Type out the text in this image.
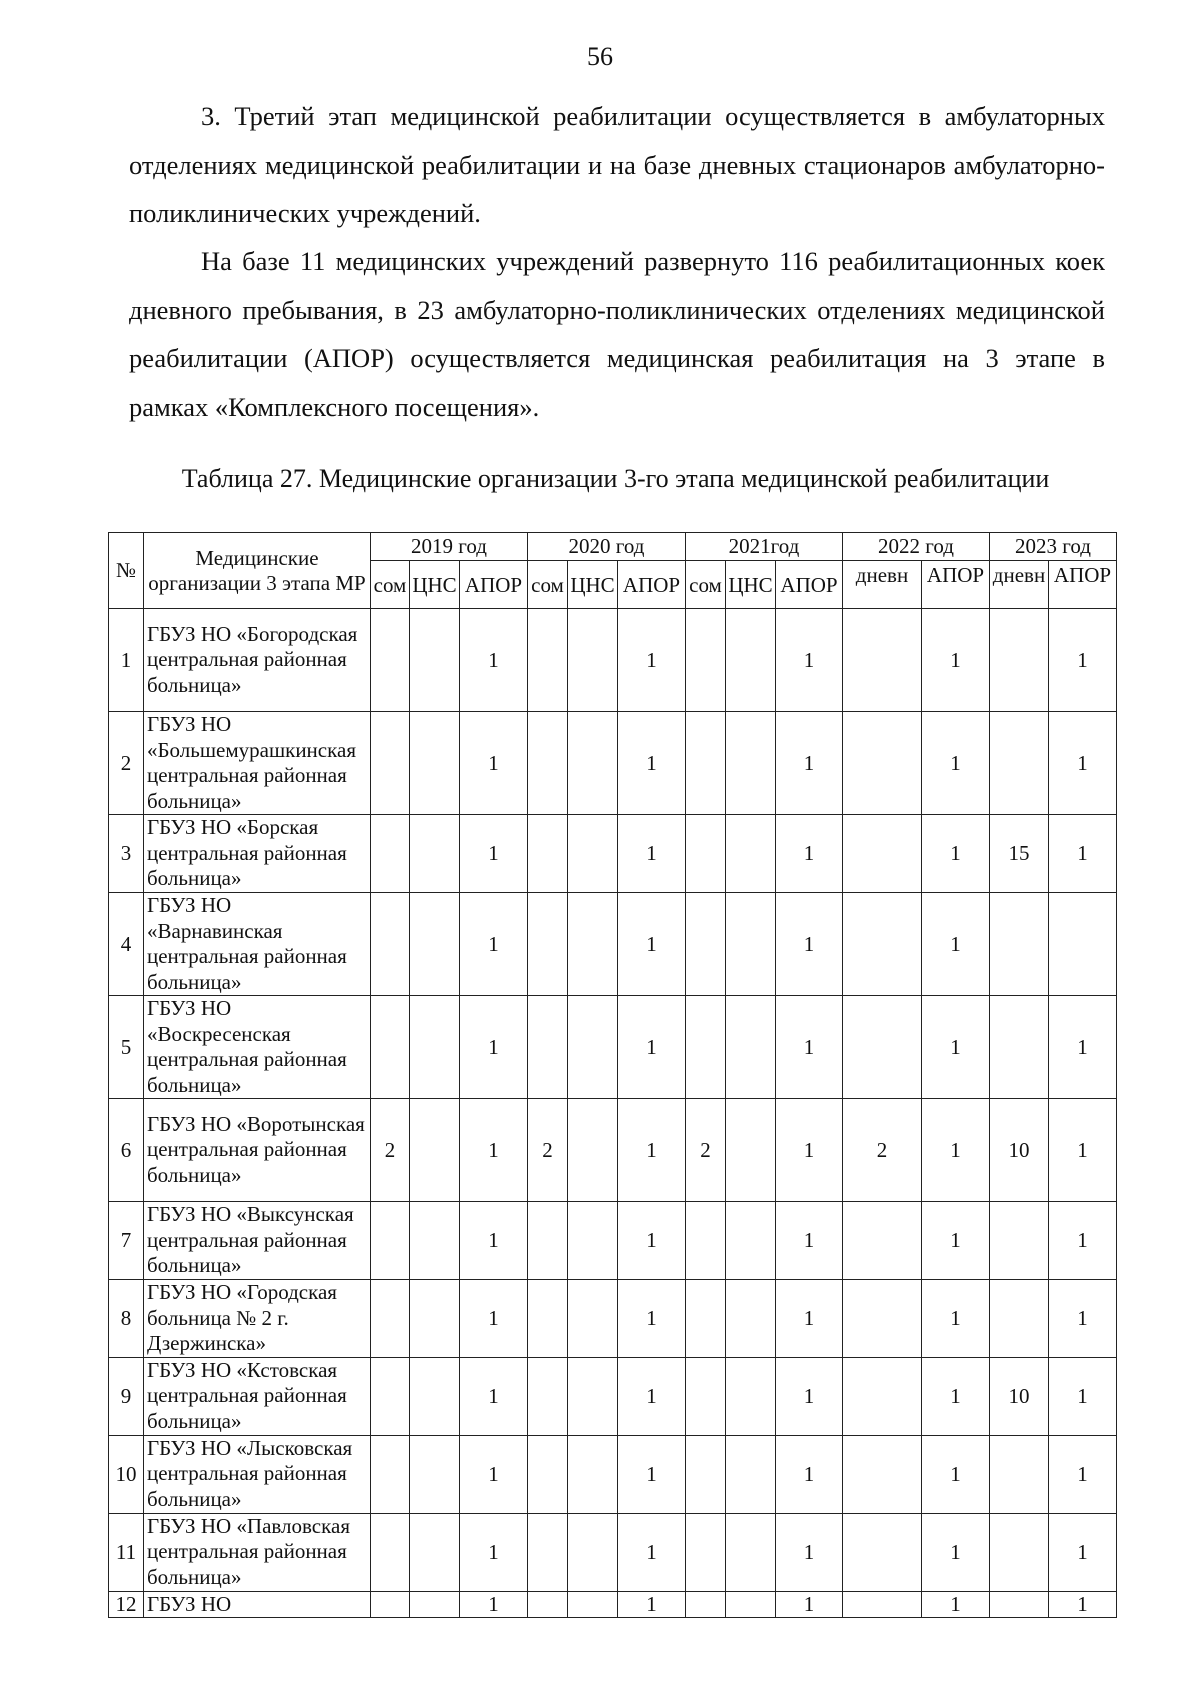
56

3. Третий этап медицинской реабилитации осуществляется в амбулаторных отделениях медицинской реабилитации и на базе дневных стационаров амбулаторно-поликлинических учреждений.

На базе 11 медицинских учреждений развернуто 116 реабилитационных коек дневного пребывания, в 23 амбулаторно-поликлинических отделениях медицинской реабилитации (АПОР) осуществляется медицинская реабилитация на 3 этапе в рамках «Комплексного посещения».

Таблица 27. Медицинские организации 3-го этапа медицинской реабилитации
№	Медицинские организации 3 этапа МР	2019 год			2020 год			2021год			2022 год		2023 год	
		сом	ЦНС	АПОР	сом	ЦНС	АПОР	сом	ЦНС	АПОР	дневн	АПОР	дневн	АПОР
1	ГБУЗ НО «Богородская центральная районная больница»			1			1			1		1		1
2	ГБУЗ НО «Большемурашкинская центральная районная больница»			1			1			1		1		1
3	ГБУЗ НО «Борская центральная районная больница»			1			1			1		1	15	1
4	ГБУЗ НО «Варнавинская центральная районная больница»			1			1			1		1		
5	ГБУЗ НО «Воскресенская центральная районная больница»			1			1			1		1		1
6	ГБУЗ НО «Воротынская центральная районная больница»	2		1	2		1	2		1	2	1	10	1
7	ГБУЗ НО «Выксунская центральная районная больница»			1			1			1		1		1
8	ГБУЗ НО «Городская больница № 2 г. Дзержинска»			1			1			1		1		1
9	ГБУЗ НО «Кстовская центральная районная больница»			1			1			1		1	10	1
10	ГБУЗ НО «Лысковская центральная районная больница»			1			1			1		1		1
11	ГБУЗ НО «Павловская центральная районная больница»			1			1			1		1		1
12	ГБУЗ НО			1			1			1		1		1
